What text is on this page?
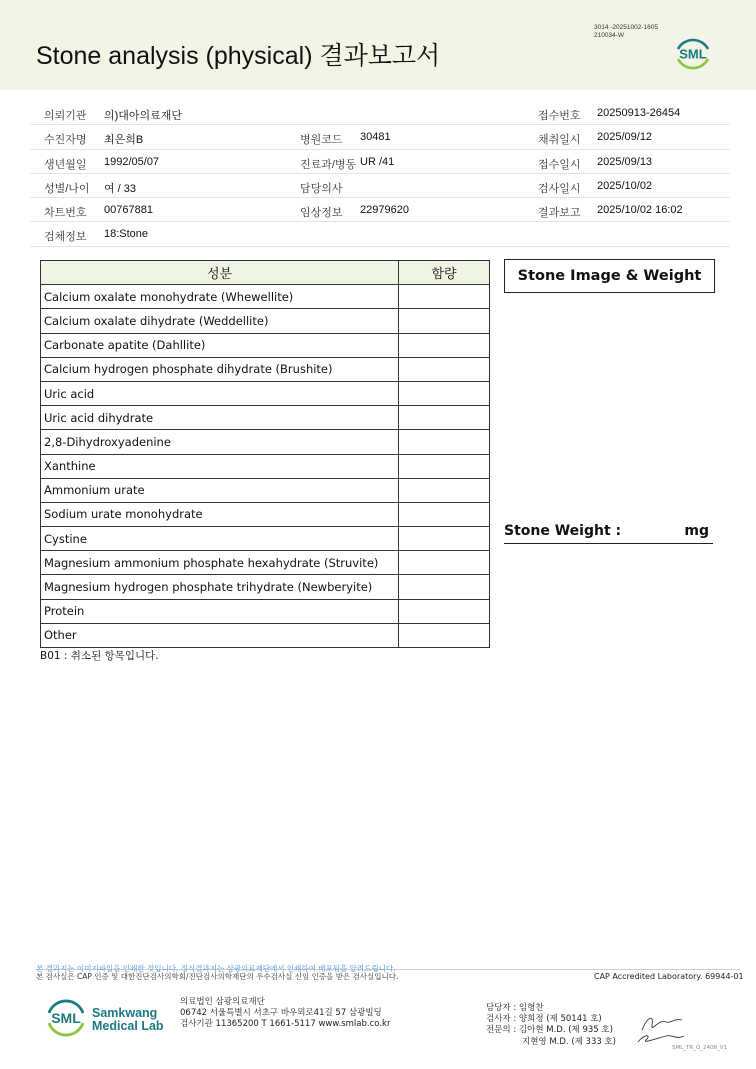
Stone analysis (physical) 결과보고서
3014 -20251002-1605
210034-W
SML
의뢰기관 의)대아의료재단	접수번호 20250913-26454
수진자명 최은희B	병원코드 30481	채취일시 2025/09/12
생년월일 1992/05/07	진료과/병동 UR /41	접수일시 2025/09/13
성별/나이 여 / 33	담당의사	검사일시 2025/10/02
차트번호 00767881	임상정보 22979620	결과보고 2025/10/02 16:02
검체정보 18:Stone
성분	함량
Calcium oxalate monohydrate (Whewellite)	
Calcium oxalate dihydrate (Weddellite)	
Carbonate apatite (Dahllite)	
Calcium hydrogen phosphate dihydrate (Brushite)	
Uric acid	
Uric acid dihydrate	
2,8-Dihydroxyadenine	
Xanthine	
Ammonium urate	
Sodium urate monohydrate	
Cystine	
Magnesium ammonium phosphate hexahydrate (Struvite)	
Magnesium hydrogen phosphate trihydrate (Newberyite)	
Protein	
Other	
B01 : 취소된 항목입니다.
Stone Image & Weight
Stone Weight :	mg
본 결과지는 이미지파일을 인쇄한 것입니다. 정식결과지는 삼광의료재단에서 인쇄하여 배포됨을 알려드립니다.
본 검사실은 CAP 인증 및 대한진단검사의학회/진단검사의학재단의 우수검사실 신임 인증을 받은 검사실입니다.	CAP Accredited Laboratory. 69944-01
SML Samkwang
Medical Lab
의료법인 삼광의료재단
06742 서울특별시 서초구 바우뫼로41길 57 삼광빌딩
검사기관 11365200 T 1661-5117 www.smlab.co.kr
담당자 : 임형찬
검사자 : 양희정 (제 50141 호)
전문의 : 김아현 M.D. (제 935 호)
지현영 M.D. (제 333 호)
SML_TR_Q_2408_V1
